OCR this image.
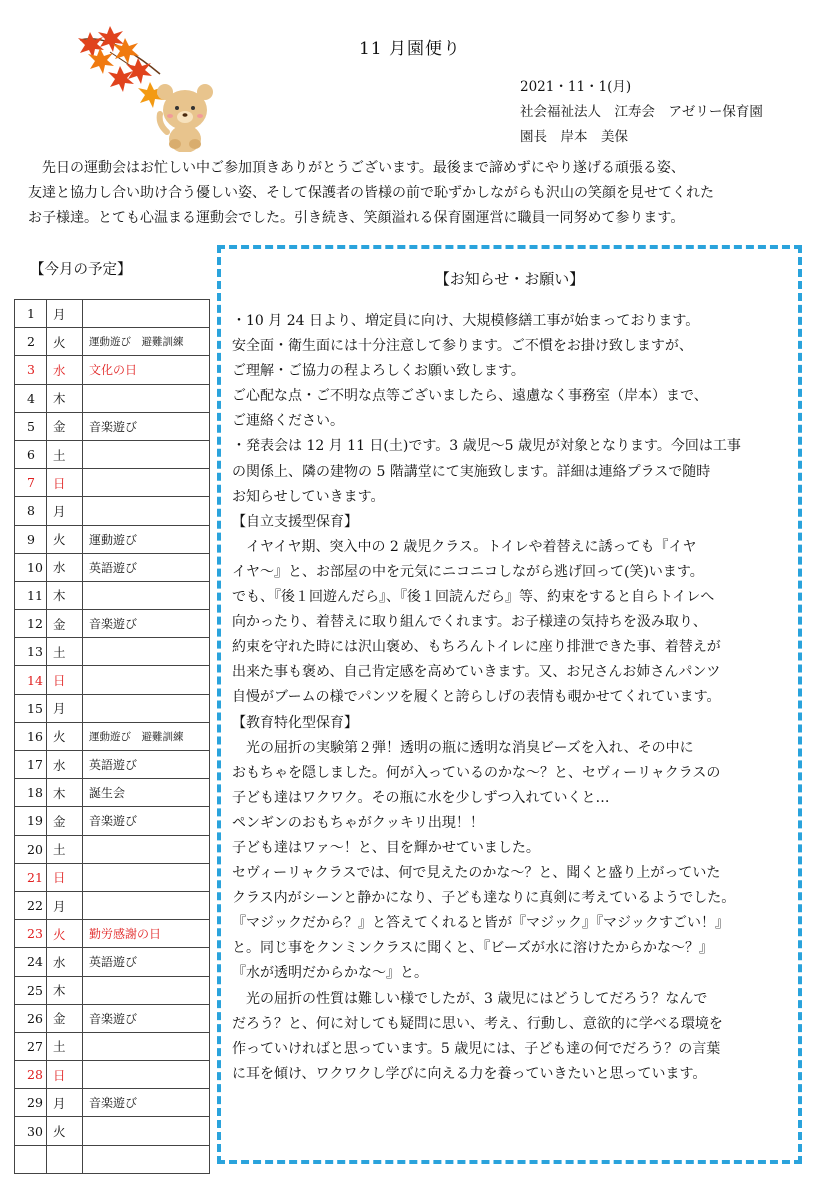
11 月園便り
2021・11・1(月)
社会福祉法人　江寿会　アゼリー保育園
園長　岸本　美保
　先日の運動会はお忙しい中ご参加頂きありがとうございます。最後まで諦めずにやり遂げる頑張る姿、
友達と協力し合い助け合う優しい姿、そして保護者の皆様の前で恥ずかしながらも沢山の笑顔を見せてくれた
お子様達。とても心温まる運動会でした。引き続き、笑顔溢れる保育園運営に職員一同努めて参ります。
【今月の予定】
1	月	
2	火	運動遊び　避難訓練
3	水	文化の日
4	木	
5	金	音楽遊び
6	土	
7	日	
8	月	
9	火	運動遊び
10	水	英語遊び
11	木	
12	金	音楽遊び
13	土	
14	日	
15	月	
16	火	運動遊び　避難訓練
17	水	英語遊び
18	木	誕生会
19	金	音楽遊び
20	土	
21	日	
22	月	
23	火	勤労感謝の日
24	水	英語遊び
25	木	
26	金	音楽遊び
27	土	
28	日	
29	月	音楽遊び
30	火	

【お知らせ・お願い】
・10 月 24 日より、増定員に向け、大規模修繕工事が始まっております。
安全面・衛生面には十分注意して参ります。ご不慣をお掛け致しますが、
ご理解・ご協力の程よろしくお願い致します。
ご心配な点・ご不明な点等ございましたら、遠慮なく事務室（岸本）まで、
ご連絡ください。
・発表会は 12 月 11 日(土)です。3 歳児～5 歳児が対象となります。今回は工事
の関係上、隣の建物の 5 階講堂にて実施致します。詳細は連絡プラスで随時
お知らせしていきます。
【自立支援型保育】
　イヤイヤ期、突入中の 2 歳児クラス。トイレや着替えに誘っても『イヤ
イヤ～』と、お部屋の中を元気にニコニコしながら逃げ回って(笑)います。
でも、『後１回遊んだら』、『後１回読んだら』等、約束をすると自らトイレへ
向かったり、着替えに取り組んでくれます。お子様達の気持ちを汲み取り、
約束を守れた時には沢山褒め、もちろんトイレに座り排泄できた事、着替えが
出来た事も褒め、自己肯定感を高めていきます。又、お兄さんお姉さんパンツ
自慢がブームの様でパンツを履くと誇らしげの表情も覗かせてくれています。
【教育特化型保育】
　光の屈折の実験第２弾！透明の瓶に透明な消臭ビーズを入れ、その中に
おもちゃを隠しました。何が入っているのかな～？と、セヴィーリャクラスの
子ども達はワクワク。その瓶に水を少しずつ入れていくと…
ペンギンのおもちゃがクッキリ出現！！
子ども達はワァ～！と、目を輝かせていました。
セヴィーリャクラスでは、何で見えたのかな～？と、聞くと盛り上がっていた
クラス内がシーンと静かになり、子ども達なりに真剣に考えているようでした。
『マジックだから？』と答えてくれると皆が『マジック』『マジックすごい！』
と。同じ事をクンミンクラスに聞くと、『ビーズが水に溶けたからかな～？』
『水が透明だからかな～』と。
　光の屈折の性質は難しい様でしたが、3 歳児にはどうしてだろう？なんで
だろう？と、何に対しても疑問に思い、考え、行動し、意欲的に学べる環境を
作っていければと思っています。5 歳児には、子ども達の何でだろう？の言葉
に耳を傾け、ワクワクし学びに向える力を養っていきたいと思っています。
